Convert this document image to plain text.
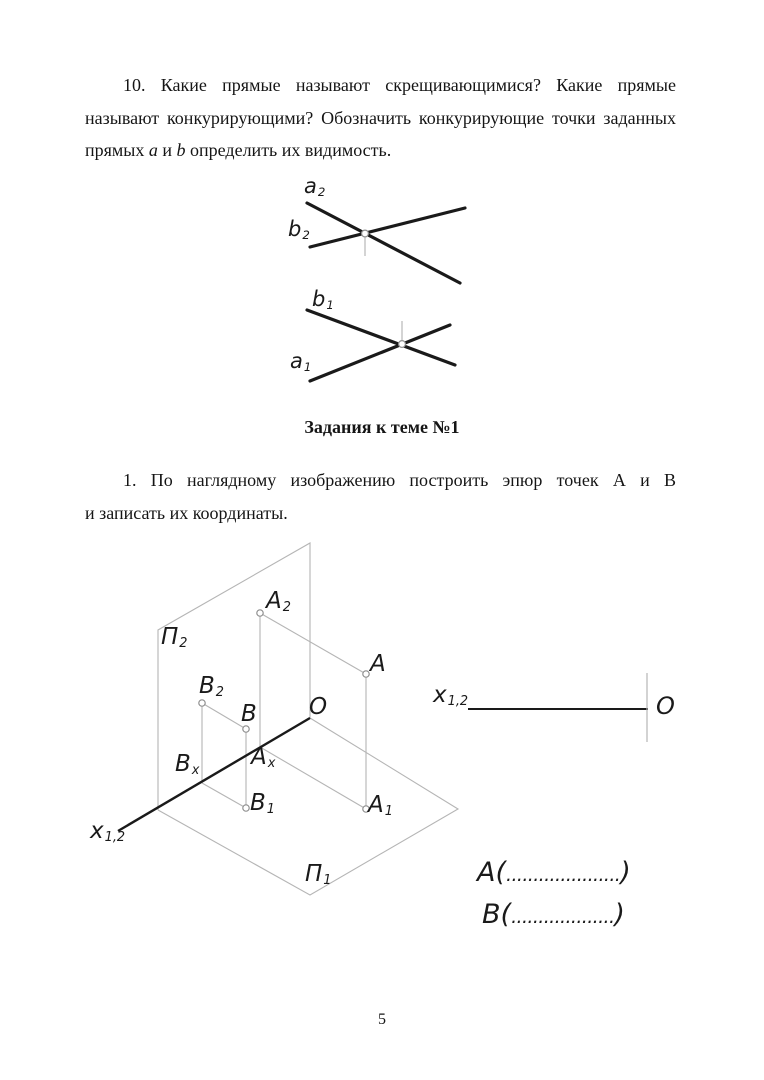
10. Какие прямые называют скрещивающимися? Какие прямые
называют конкурирующими? Обозначить конкурирующие точки заданных
прямых a и b определить их видимость.
a2
b2
b1
a1
Задания к теме №1
1. По наглядному изображению построить эпюр точек А и В
и записать их координаты.
П2
A2
A
B2
B O
Bx
Ax
B1	A1
x1,2
П1
x1,2	O
A(.....................)
B(...................)
5
